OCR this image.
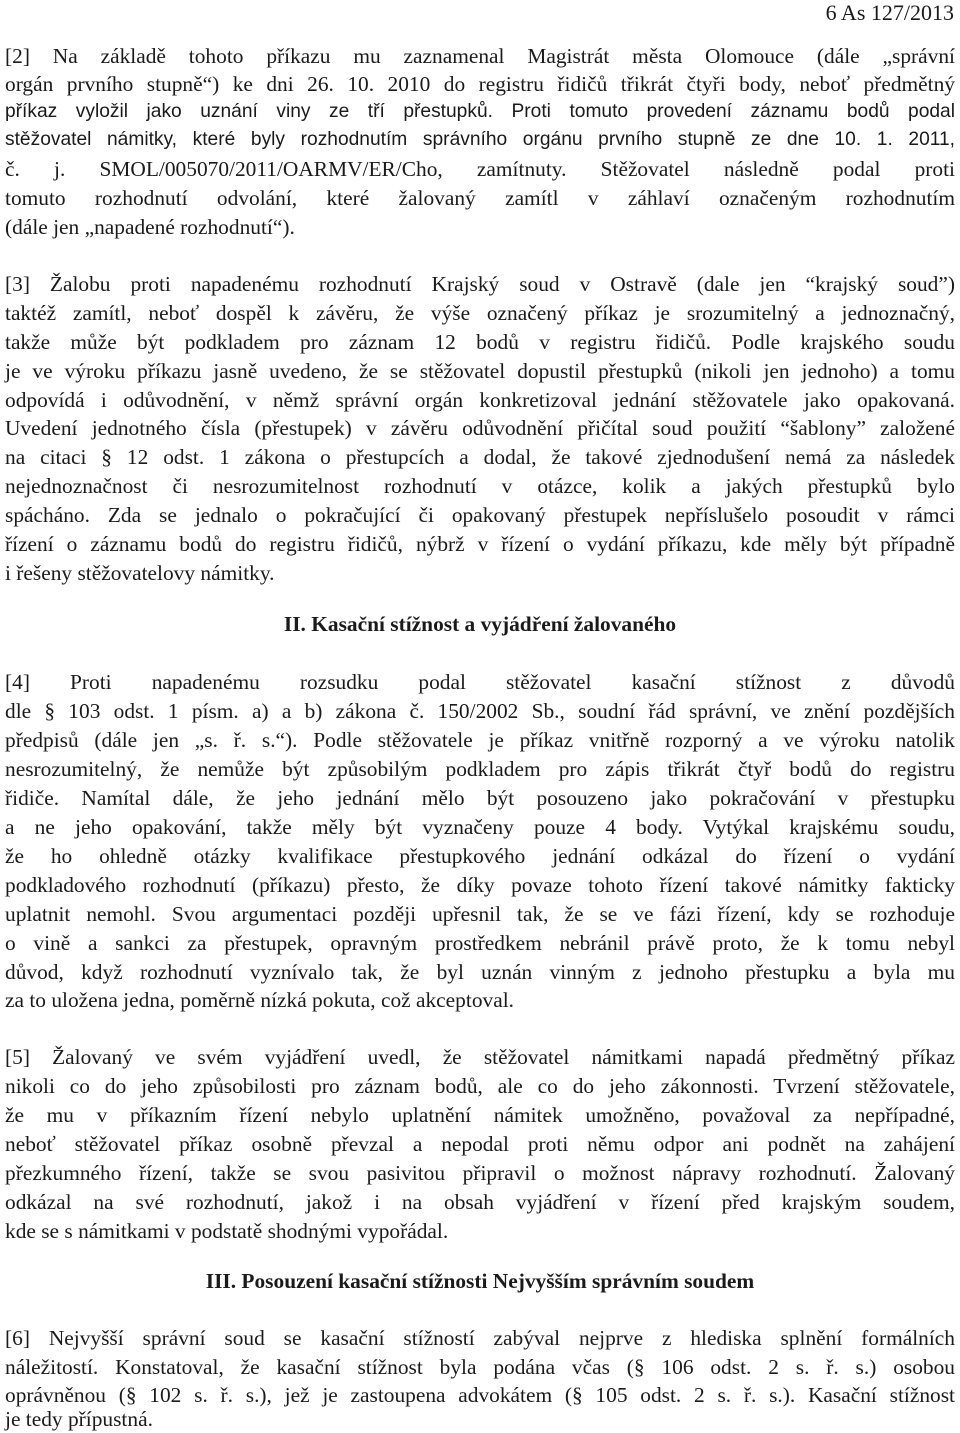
6 As 127/2013
[2] Na základě tohoto příkazu mu zaznamenal Magistrát města Olomouce (dále „správní
orgán prvního stupně“) ke dni 26. 10. 2010 do registru řidičů třikrát čtyři body, neboť předmětný
příkaz vyložil jako uznání viny ze tří přestupků. Proti tomuto provedení záznamu bodů podal
stěžovatel námitky, které byly rozhodnutím správního orgánu prvního stupně ze dne 10. 1. 2011,
č. j. SMOL/005070/2011/OARMV/ER/Cho, zamítnuty. Stěžovatel následně podal proti
tomuto rozhodnutí odvolání, které žalovaný zamítl v záhlaví označeným rozhodnutím
(dále jen „napadené rozhodnutí“).
[3] Žalobu proti napadenému rozhodnutí Krajský soud v Ostravě (dale jen “krajský soud”)
taktéž zamítl, neboť dospěl k závěru, že výše označený příkaz je srozumitelný a jednoznačný,
takže může být podkladem pro záznam 12 bodů v registru řidičů. Podle krajského soudu
je ve výroku příkazu jasně uvedeno, že se stěžovatel dopustil přestupků (nikoli jen jednoho) a tomu
odpovídá i odůvodnění, v němž správní orgán konkretizoval jednání stěžovatele jako opakovaná.
Uvedení jednotného čísla (přestupek) v závěru odůvodnění přičítal soud použití “šablony” založené
na citaci § 12 odst. 1 zákona o přestupcích a dodal, že takové zjednodušení nemá za následek
nejednoznačnost či nesrozumitelnost rozhodnutí v otázce, kolik a jakých přestupků bylo
spácháno. Zda se jednalo o pokračující či opakovaný přestupek nepříslušelo posoudit v rámci
řízení o záznamu bodů do registru řidičů, nýbrž v řízení o vydání příkazu, kde měly být případně
i řešeny stěžovatelovy námitky.
II. Kasační stížnost a vyjádření žalovaného
[4] Proti napadenému rozsudku podal stěžovatel kasační stížnost z důvodů
dle § 103 odst. 1 písm. a) a b) zákona č. 150/2002 Sb., soudní řád správní, ve znění pozdějších
předpisů (dále jen „s. ř. s.“). Podle stěžovatele je příkaz vnitřně rozporný a ve výroku natolik
nesrozumitelný, že nemůže být způsobilým podkladem pro zápis třikrát čtyř bodů do registru
řidiče. Namítal dále, že jeho jednání mělo být posouzeno jako pokračování v přestupku
a ne jeho opakování, takže měly být vyznačeny pouze 4 body. Vytýkal krajskému soudu,
že ho ohledně otázky kvalifikace přestupkového jednání odkázal do řízení o vydání
podkladového rozhodnutí (příkazu) přesto, že díky povaze tohoto řízení takové námitky fakticky
uplatnit nemohl. Svou argumentaci později upřesnil tak, že se ve fázi řízení, kdy se rozhoduje
o vině a sankci za přestupek, opravným prostředkem nebránil právě proto, že k tomu nebyl
důvod, když rozhodnutí vyznívalo tak, že byl uznán vinným z jednoho přestupku a byla mu
za to uložena jedna, poměrně nízká pokuta, což akceptoval.
[5] Žalovaný ve svém vyjádření uvedl, že stěžovatel námitkami napadá předmětný příkaz
nikoli co do jeho způsobilosti pro záznam bodů, ale co do jeho zákonnosti. Tvrzení stěžovatele,
že mu v příkazním řízení nebylo uplatnění námitek umožněno, považoval za nepřípadné,
neboť stěžovatel příkaz osobně převzal a nepodal proti němu odpor ani podnět na zahájení
přezkumného řízení, takže se svou pasivitou připravil o možnost nápravy rozhodnutí. Žalovaný
odkázal na své rozhodnutí, jakož i na obsah vyjádření v řízení před krajským soudem,
kde se s námitkami v podstatě shodnými vypořádal.
III. Posouzení kasační stížnosti Nejvyšším správním soudem
[6] Nejvyšší správní soud se kasační stížností zabýval nejprve z hlediska splnění formálních
náležitostí. Konstatoval, že kasační stížnost byla podána včas (§ 106 odst. 2 s. ř. s.) osobou
oprávněnou (§ 102 s. ř. s.), jež je zastoupena advokátem (§ 105 odst. 2 s. ř. s.). Kasační stížnost
je tedy přípustná.
